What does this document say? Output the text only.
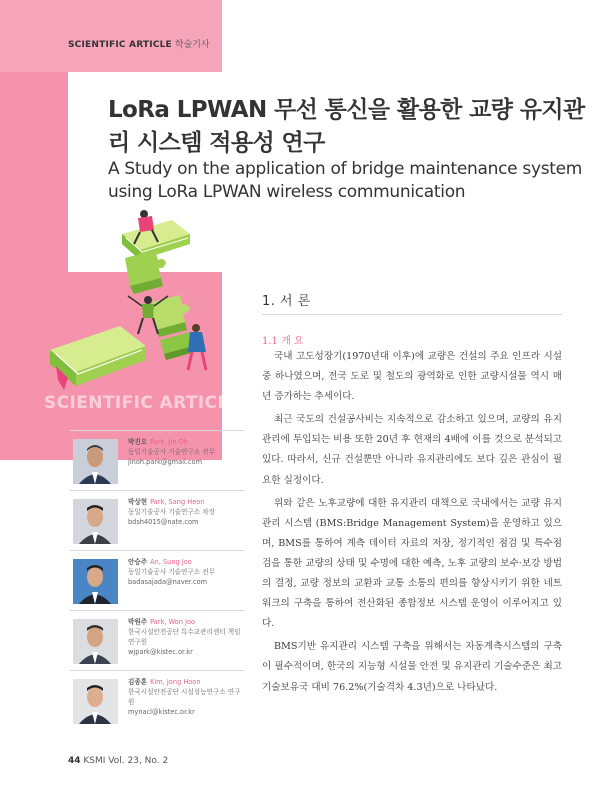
SCIENTIFIC ARTICLE 학술기사
LoRa LPWAN 무선 통신을 활용한 교량 유지관리 시스템 적용성 연구
A Study on the application of bridge maintenance system using LoRa LPWAN wireless communication
SCIENTIFIC ARTICLE
박진오 Park, Jin Oh
동일기술공사 기술연구소 전무
jinoh.park@gmail.com
박상현 Park, Sang Heon
동일기술공사 기술연구소 차장
bdsh4015@nate.com
안승주 An, Sung Joo
동일기술공사 기술연구소 전무
badasajada@naver.com
박원주 Park, Won Joo
한국시설안전공단 특수교관리센터 책임연구원
wjpark@kistec.or.kr
김종훈 Kim, Jong Hoon
한국시설안전공단 시설성능연구소 연구원
mynacl@kistec.or.kr
1. 서 론
1.1 개 요

국내 고도성장기(1970년대 이후)에 교량은 건설의 주요 인프라 시설 중 하나였으며, 전국 도로 및 철도의 광역화로 인한 교량시설물 역시 매년 증가하는 추세이다.

최근 국도의 건설공사비는 지속적으로 감소하고 있으며, 교량의 유지관리에 투입되는 비용 또한 20년 후 현재의 4배에 이를 것으로 분석되고 있다. 따라서, 신규 건설뿐만 아니라 유지관리에도 보다 깊은 관심이 필요한 실정이다.

위와 같은 노후교량에 대한 유지관리 대책으로 국내에서는 교량 유지관리 시스템 (BMS:Bridge Management System)을 운영하고 있으며, BMS를 통하여 계측 데이터 자료의 저장, 정기적인 점검 및 특수점검을 통한 교량의 상태 및 수명에 대한 예측, 노후 교량의 보수·보강 방법의 결정, 교량 정보의 교환과 교통 소통의 편의를 향상시키기 위한 네트워크의 구축을 통하여 전산화된 종합정보 시스템 운영이 이루어지고 있다.

BMS기반 유지관리 시스템 구축을 위해서는 자동계측시스템의 구축이 필수적이며, 한국의 지능형 시설물 안전 및 유지관리 기술수준은 최고 기술보유국 대비 76.2%(기술격차 4.3년)으로 나타났다.

44 KSMI Vol. 23, No. 2
